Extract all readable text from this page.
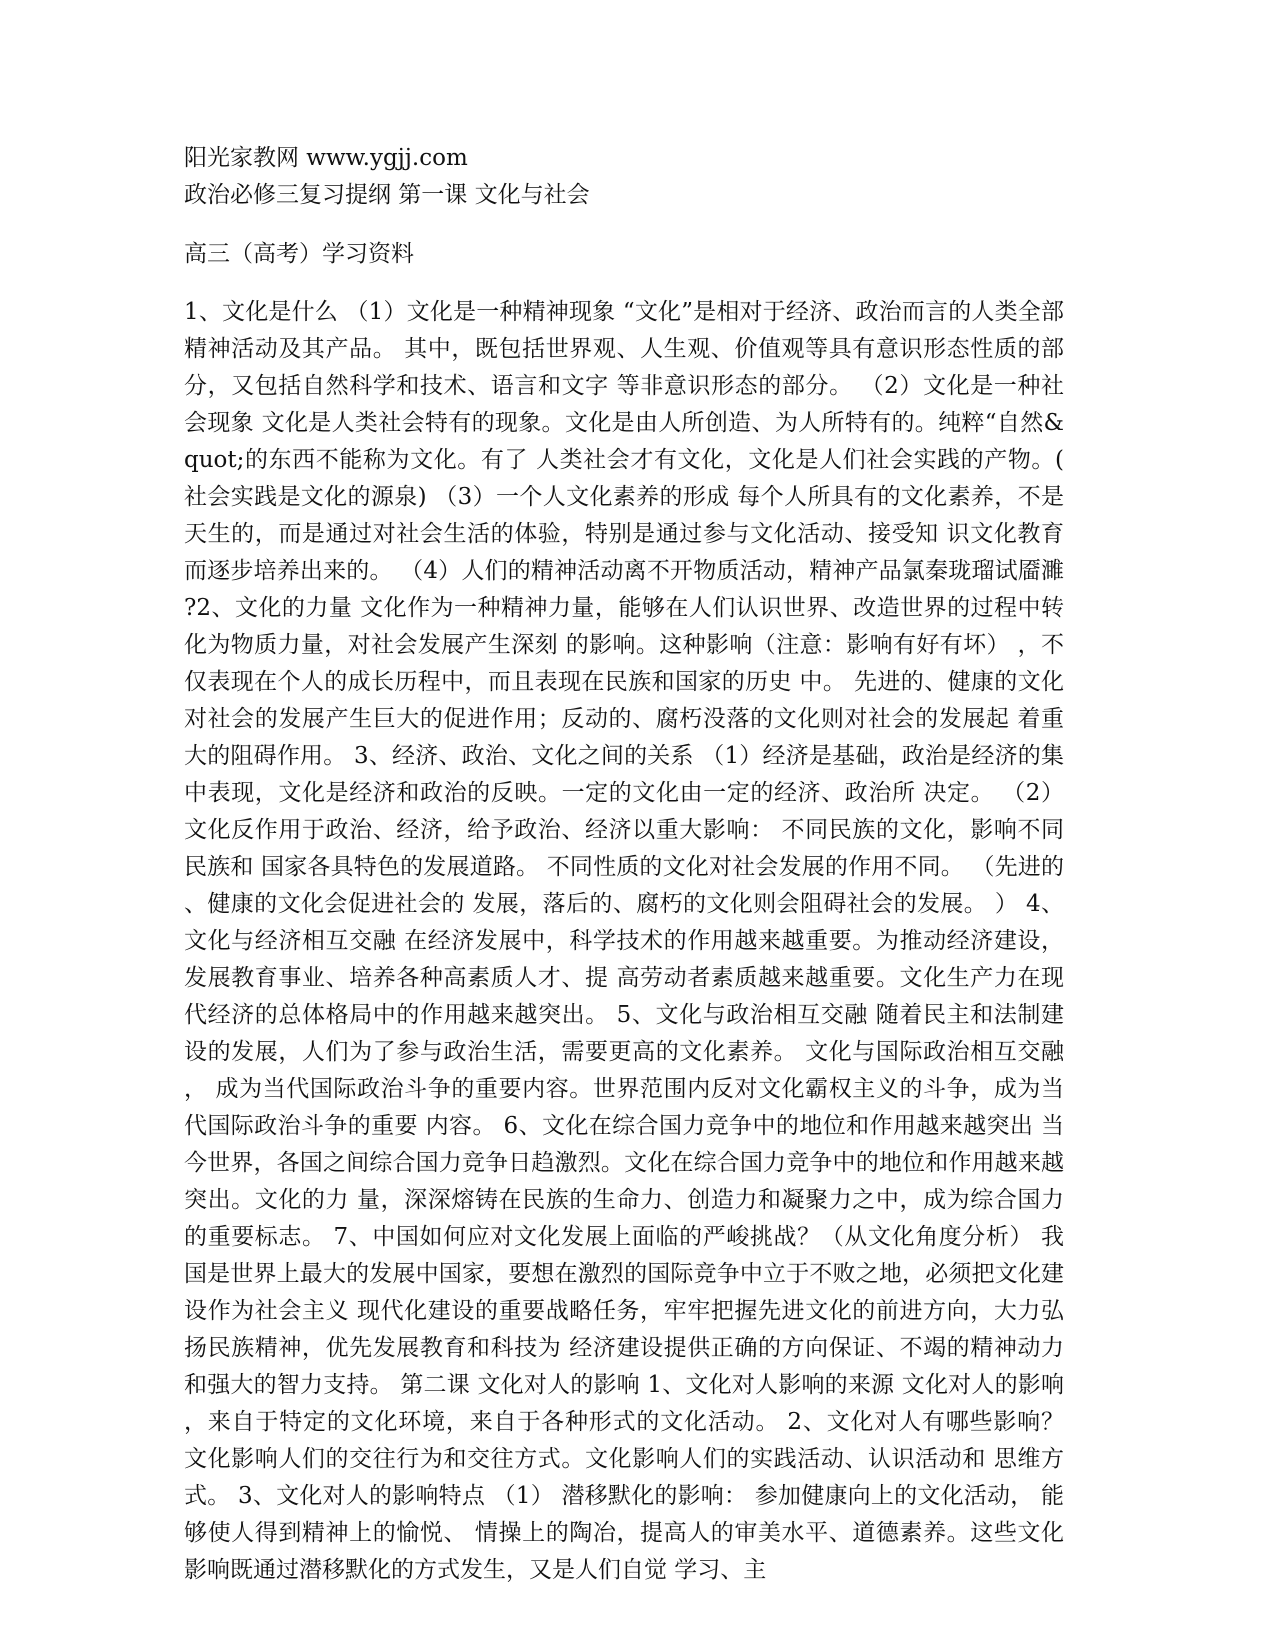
阳光家教网 www.ygjj.com

政治必修三复习提纲 第一课 文化与社会

高三（高考）学习资料

1、文化是什么 （1）文化是一种精神现象 “文化”是相对于经济、政治而言的人类全部精神活动及其产品。 其中，既包括世界观、人生观、价值观等具有意识形态性质的部分，又包括自然科学和技术、语言和文字 等非意识形态的部分。 （2）文化是一种社会现象 文化是人类社会特有的现象。文化是由人所创造、为人所特有的。纯粹“自然&quot;的东西不能称为文化。有了 人类社会才有文化，文化是人们社会实践的产物。(社会实践是文化的源泉) （3）一个人文化素养的形成 每个人所具有的文化素养，不是天生的，而是通过对社会生活的体验，特别是通过参与文化活动、接受知 识文化教育而逐步培养出来的。 （4）人们的精神活动离不开物质活动，精神产品氯秦珑瑠试靥濉?2、文化的力量 文化作为一种精神力量，能够在人们认识世界、改造世界的过程中转化为物质力量，对社会发展产生深刻 的影响。这种影响（注意：影响有好有坏） ，不仅表现在个人的成长历程中，而且表现在民族和国家的历史 中。 先进的、健康的文化对社会的发展产生巨大的促进作用；反动的、腐朽没落的文化则对社会的发展起 着重大的阻碍作用。 3、经济、政治、文化之间的关系 （1）经济是基础，政治是经济的集中表现，文化是经济和政治的反映。一定的文化由一定的经济、政治所 决定。 （2）文化反作用于政治、经济，给予政治、经济以重大影响： 不同民族的文化，影响不同民族和 国家各具特色的发展道路。 不同性质的文化对社会发展的作用不同。 （先进的、健康的文化会促进社会的 发展，落后的、腐朽的文化则会阻碍社会的发展。 ） 4、文化与经济相互交融 在经济发展中，科学技术的作用越来越重要。为推动经济建设，发展教育事业、培养各种高素质人才、提 高劳动者素质越来越重要。文化生产力在现代经济的总体格局中的作用越来越突出。 5、文化与政治相互交融 随着民主和法制建设的发展，人们为了参与政治生活，需要更高的文化素养。 文化与国际政治相互交融， 成为当代国际政治斗争的重要内容。世界范围内反对文化霸权主义的斗争，成为当代国际政治斗争的重要 内容。 6、文化在综合国力竞争中的地位和作用越来越突出 当今世界，各国之间综合国力竞争日趋激烈。文化在综合国力竞争中的地位和作用越来越突出。文化的力 量，深深熔铸在民族的生命力、创造力和凝聚力之中，成为综合国力的重要标志。 7、中国如何应对文化发展上面临的严峻挑战？（从文化角度分析） 我国是世界上最大的发展中国家，要想在激烈的国际竞争中立于不败之地，必须把文化建设作为社会主义 现代化建设的重要战略任务，牢牢把握先进文化的前进方向，大力弘扬民族精神，优先发展教育和科技为 经济建设提供正确的方向保证、不竭的精神动力和强大的智力支持。 第二课 文化对人的影响 1、文化对人影响的来源 文化对人的影响，来自于特定的文化环境，来自于各种形式的文化活动。 2、文化对人有哪些影响？ 文化影响人们的交往行为和交往方式。文化影响人们的实践活动、认识活动和 思维方式。 3、文化对人的影响特点 （1） 潜移默化的影响： 参加健康向上的文化活动， 能够使人得到精神上的愉悦、 情操上的陶冶，提高人的审美水平、道德素养。这些文化影响既通过潜移默化的方式发生，又是人们自觉 学习、主
